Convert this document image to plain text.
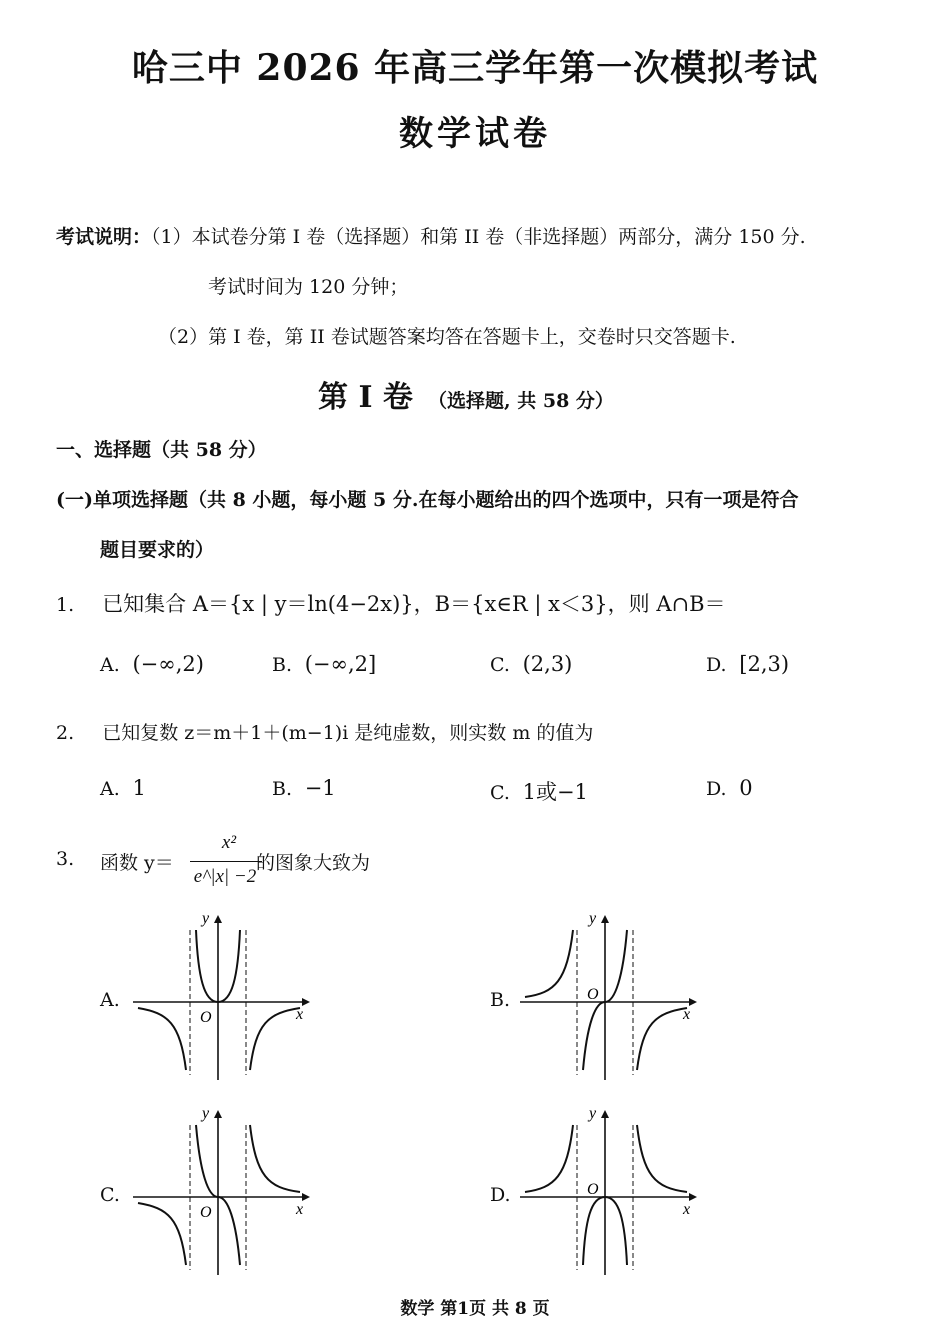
哈三中 2026 年高三学年第一次模拟考试
数学试卷
考试说明：（1）本试卷分第 I 卷（选择题）和第 II 卷（非选择题）两部分，满分 150 分.
考试时间为 120 分钟；
（2）第 I 卷，第 II 卷试题答案均答在答题卡上，交卷时只交答题卡.
第 I 卷 （选择题, 共 58 分）
一、选择题（共 58 分）
(一)单项选择题（共 8 小题，每小题 5 分.在每小题给出的四个选项中，只有一项是符合
题目要求的）
1. 已知集合 A＝{x | y＝ln(4−2x)}，B＝{x∈R | x＜3}，则 A∩B＝
A. (−∞,2)	B. (−∞,2]	C. (2,3)	D. [2,3)
2. 已知复数 z＝m＋1＋(m−1)i 是纯虚数，则实数 m 的值为
A. 1	B. −1	C. 1或−1	D. 0
3. 函数 y＝
x²
e^|x| −2
的图象大致为
A.	B.
C.	D.
O	x
y
O
x
y
O	x
y
O
x
y
数学 第1页 共 8 页
